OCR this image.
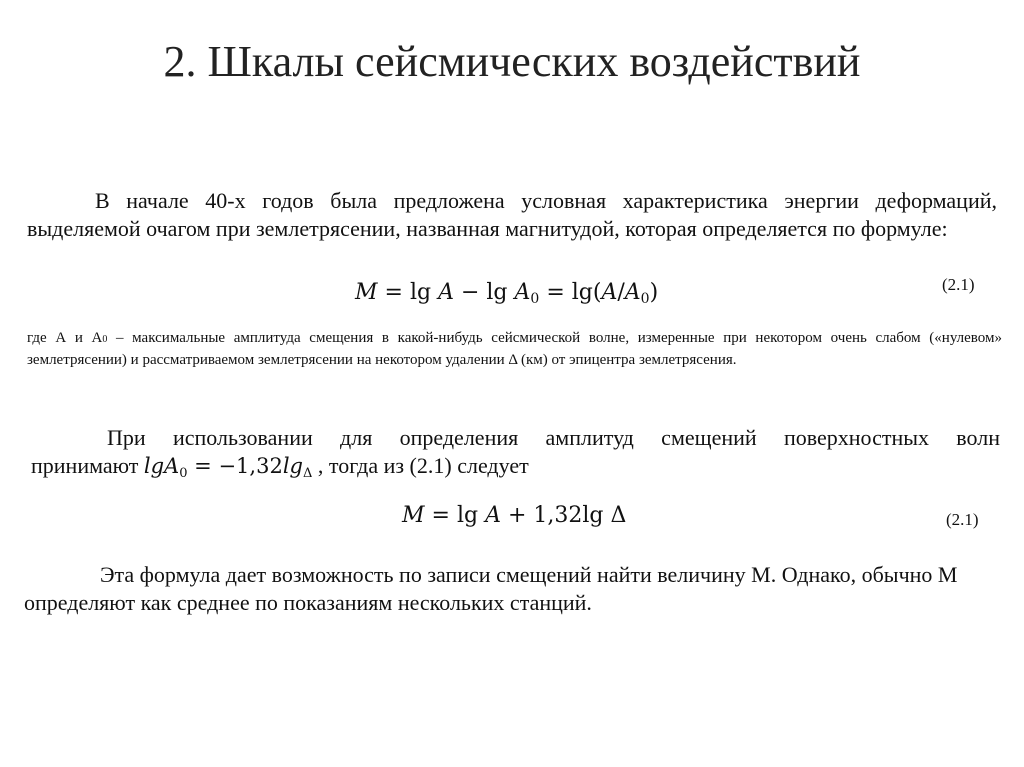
2. Шкалы сейсмических воздействий
В начале 40-х годов была предложена условная характеристика энергии деформаций, выделяемой очагом при землетрясении, названная магнитудой, которая определяется по формуле:
$M = \lg A - \lg A_0 = \lg(A/A_0)$	(2.1)
где А и А0 – максимальные амплитуда смещения в какой-нибудь сейсмической волне, измеренные при некотором очень слабом («нулевом» землетрясении) и рассматриваемом землетрясении на некотором удалении Δ (км) от эпицентра землетрясения.
При использовании для определения амплитуд смещений поверхностных волн
принимают $\lg A_0 = -1,32\lg_\Delta$ , тогда из (2.1) следует
M = lg A + 1,32lg Δ	(2.1)
Эта формула дает возможность по записи смещений найти величину М. Однако, обычно М определяют как среднее по показаниям нескольких станций.
